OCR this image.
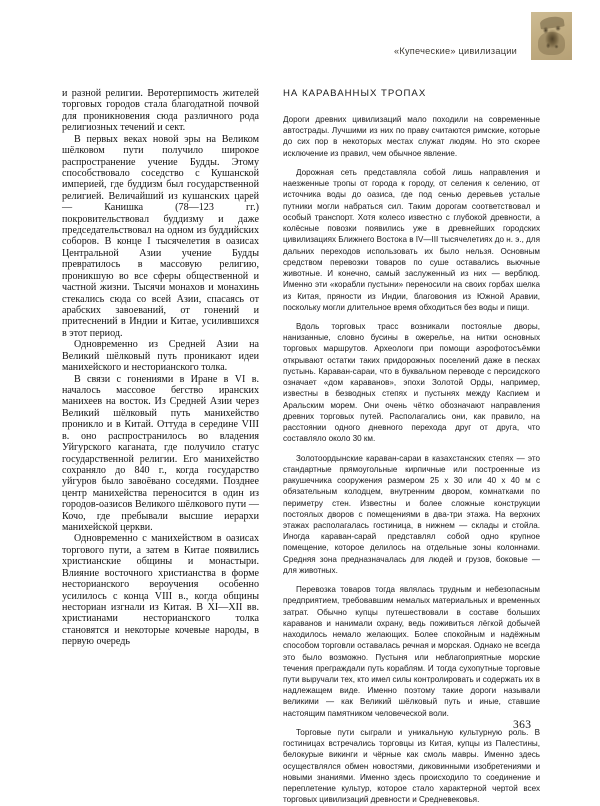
«Купеческие» цивилизации

и разной религии. Веротерпимость жителей торговых городов стала благодатной почвой для проникновения сюда различного рода религиозных течений и сект.

В первых веках новой эры на Великом шёлковом пути получило широкое распространение учение Будды. Этому способствовало соседство с Кушанской империей, где буддизм был государственной религией. Величайший из кушанских царей — Канишка (78—123 гг.) покровительствовал буддизму и даже председательствовал на одном из буддийских соборов. В конце I тысячелетия в оазисах Центральной Азии учение Будды превратилось в массовую религию, проникшую во все сферы общественной и частной жизни. Тысячи монахов и монахинь стекались сюда со всей Азии, спасаясь от арабских завоеваний, от гонений и притеснений в Индии и Китае, усилившихся в этот период.

Одновременно из Средней Азии на Великий шёлковый путь проникают идеи манихейского и несторианского толка.

В связи с гонениями в Иране в VI в. началось массовое бегство иранских манихеев на восток. Из Средней Азии через Великий шёлковый путь манихейство проникло и в Китай. Оттуда в середине VIII в. оно распространилось во владения Уйгурского каганата, где получило статус государственной религии. Его манихейство сохраняло до 840 г., когда государство уйгуров было завоёвано соседями. Позднее центр манихейства переносится в один из городов-оазисов Великого шёлкового пути — Кочо, где пребывали высшие иерархи манихейской церкви.

Одновременно с манихейством в оазисах торгового пути, а затем в Китае появились христианские общины и монастыри. Влияние восточного христианства в форме несторианского вероучения особенно усилилось с конца VIII в., когда общины несториан изгнали из Китая. В XI—XII вв. христианами несторианского толка становятся и некоторые кочевые народы, в первую очередь

НА КАРАВАННЫХ ТРОПАХ

Дороги древних цивилизаций мало походили на современные автострады. Лучшими из них по праву считаются римские, которые до сих пор в некоторых местах служат людям. Но это скорее исключение из правил, чем обычное явление.

Дорожная сеть представляла собой лишь направления и наезженные тропы от города к городу, от селения к селению, от источника воды до оазиса, где под сенью деревьев усталые путники могли набраться сил. Таким дорогам соответствовал и особый транспорт. Хотя колесо известно с глубокой древности, а колёсные повозки появились уже в древнейших городских цивилизациях Ближнего Востока в IV—III тысячелетиях до н. э., для дальних переходов использовать их было нельзя. Основным средством перевозки товаров по суше оставались вьючные животные. И конечно, самый заслуженный из них — верблюд. Именно эти «корабли пустыни» переносили на своих горбах шелка из Китая, пряности из Индии, благовония из Южной Аравии, поскольку могли длительное время обходиться без воды и пищи.

Вдоль торговых трасс возникали постоялые дворы, нанизанные, словно бусины в ожерелье, на нитки основных торговых маршрутов. Археологи при помощи аэрофотосъёмки открывают остатки таких придорожных поселений даже в песках пустынь. Караван-сараи, что в буквальном переводе с персидского означает «дом караванов», эпохи Золотой Орды, например, известны в безводных степях и пустынях между Каспием и Аральским морем. Они очень чётко обозначают направления древних торговых путей. Располагались они, как правило, на расстоянии одного дневного перехода друг от друга, что составляло около 30 км.

Золотоордынские караван-сараи в казахстанских степях — это стандартные прямоугольные кирпичные или построенные из ракушечника сооружения размером 25 х 30 или 40 х 40 м с обязательным колодцем, внутренним двором, комнатками по периметру стен. Известны и более сложные конструкции постоялых дворов с помещениями в два-три этажа. На верхних этажах располагалась гостиница, в нижнем — склады и стойла. Иногда караван-сарай представлял собой одно крупное помещение, которое делилось на отдельные зоны колоннами. Средняя зона предназначалась для людей и грузов, боковые — для животных.

Перевозка товаров тогда являлась трудным и небезопасным предприятием, требовавшим немалых материальных и временных затрат. Обычно купцы путешествовали в составе больших караванов и нанимали охрану, ведь поживиться лёгкой добычей находилось немало желающих. Более спокойным и надёжным способом торговли оставалась речная и морская. Однако не всегда это было возможно. Пустыня или неблагоприятные морские течения преграждали путь кораблям. И тогда сухопутные торговые пути выручали тех, кто имел силы контролировать и содержать их в надлежащем виде. Именно поэтому такие дороги называли великими — как Великий шёлковый путь и иные, ставшие настоящим памятником человеческой воли.

Торговые пути сыграли и уникальную культурную роль. В гостиницах встречались торговцы из Китая, купцы из Палестины, белокурые викинги и чёрные как смоль мавры. Именно здесь осуществлялся обмен новостями, диковинными изобретениями и новыми знаниями. Именно здесь происходило то соединение и переплетение культур, которое стало характерной чертой всех торговых цивилизаций древности и Средневековья.

363
